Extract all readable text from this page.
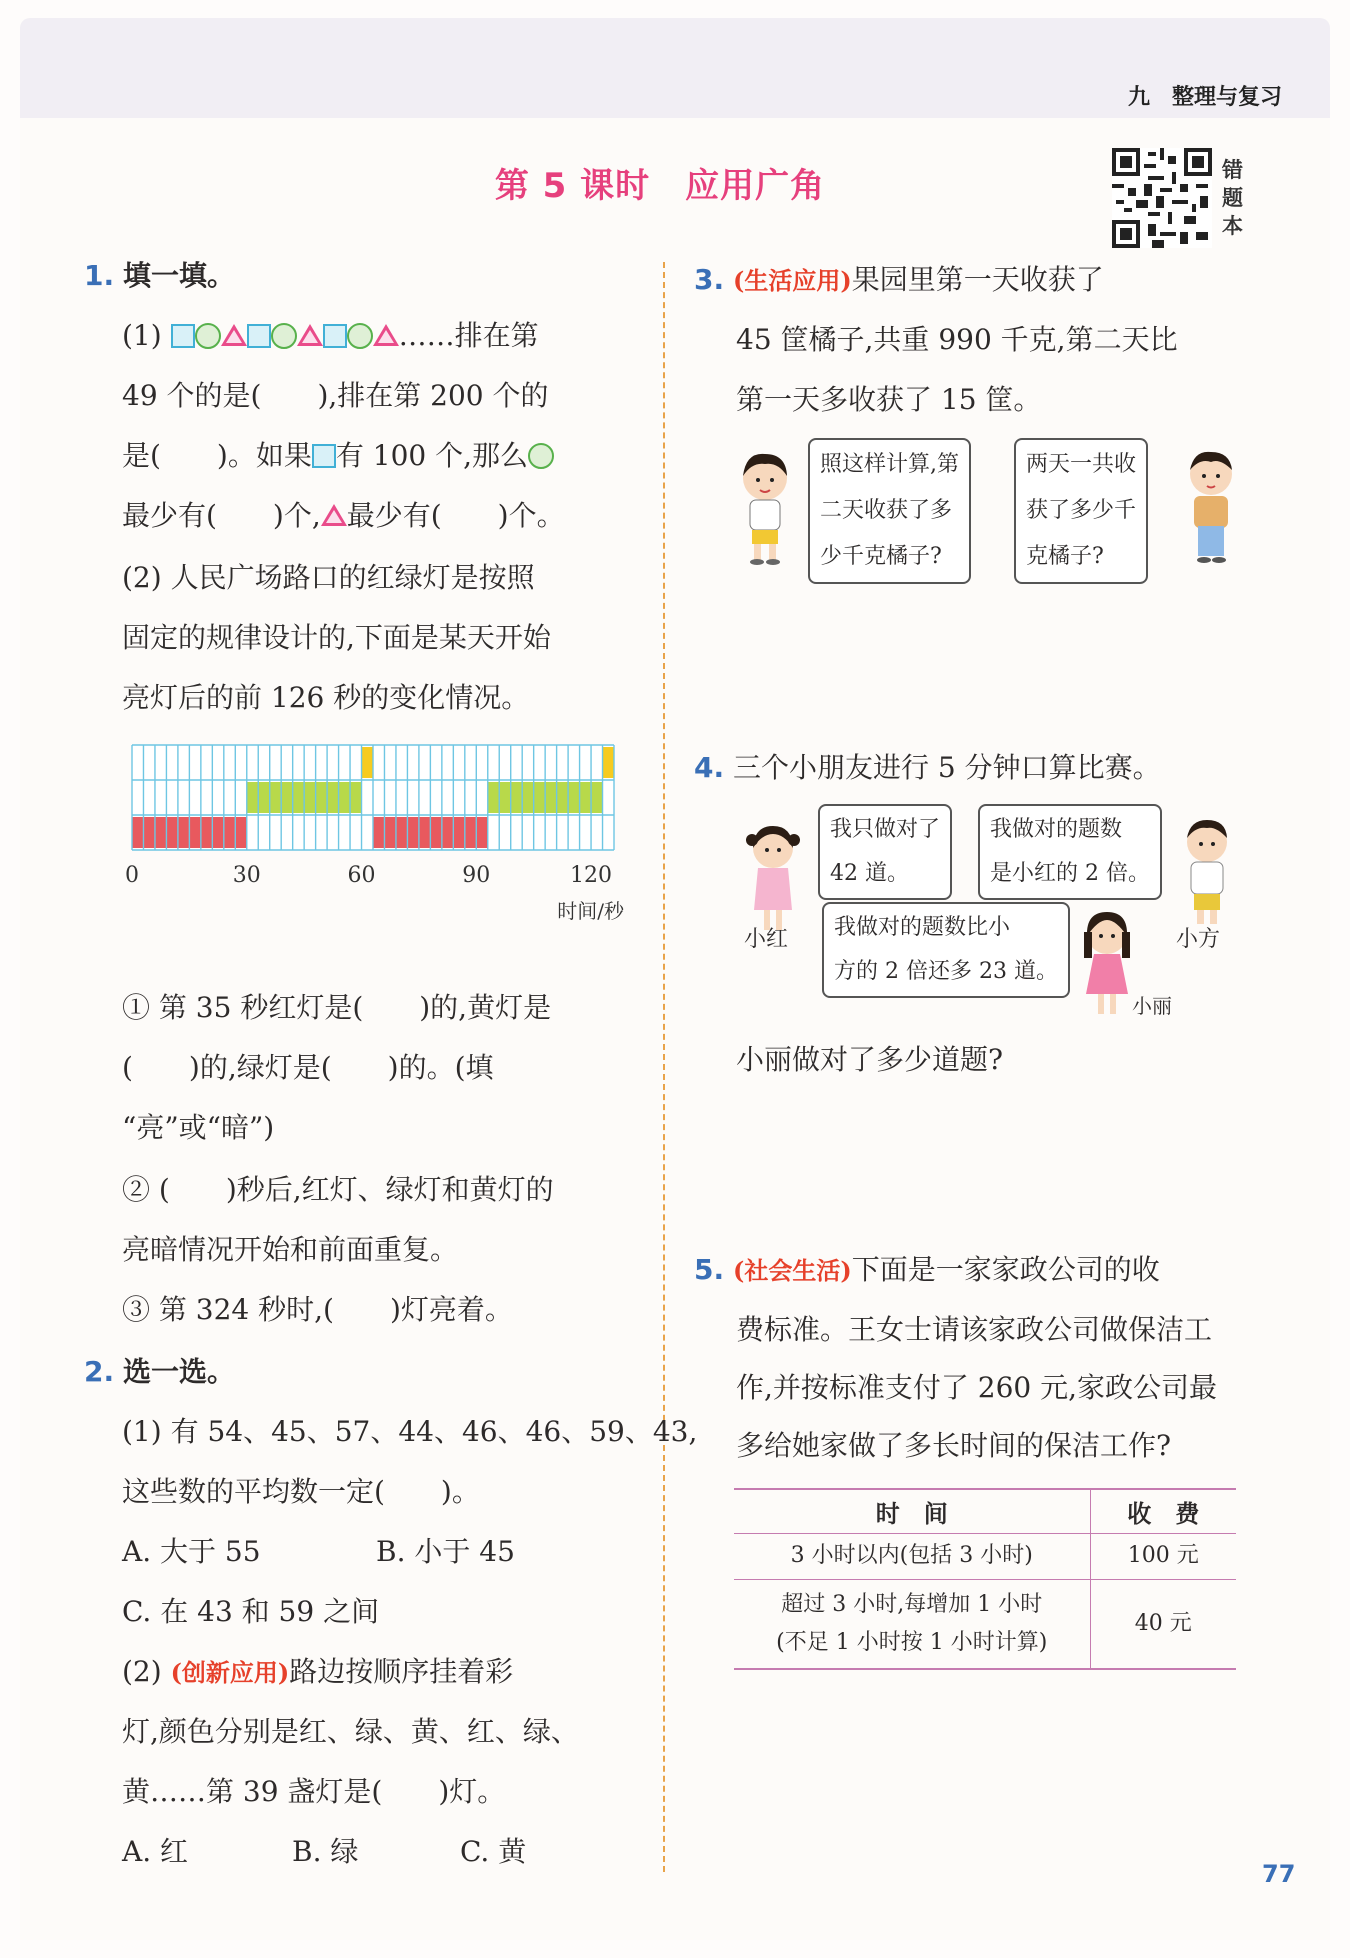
九　整理与复习
第 5 课时　应用广角	错
题
本
1. 填一填。
(1)	……排在第
49 个的是(　　),排在第 200 个的
是(　　)。如果 有 100 个,那么
最少有(　　)个, 最少有(　　)个。
(2) 人民广场路口的红绿灯是按照
固定的规律设计的,下面是某天开始
亮灯后的前 126 秒的变化情况。
0	30	60	90	120
时间/秒
① 第 35 秒红灯是(　　)的,黄灯是
(　　)的,绿灯是(　　)的。(填
“亮”或“暗”)
② (　　)秒后,红灯、绿灯和黄灯的
亮暗情况开始和前面重复。
③ 第 324 秒时,(　　)灯亮着。
2. 选一选。
(1) 有 54、45、57、44、46、46、59、43,
这些数的平均数一定(　　)。
A. 大于 55	B. 小于 45
C. 在 43 和 59 之间
(2) (创新应用)路边按顺序挂着彩
灯,颜色分别是红、绿、黄、红、绿、
黄……第 39 盏灯是(　　)灯。
A. 红	B. 绿	C. 黄
3. (生活应用)果园里第一天收获了
45 筐橘子,共重 990 千克,第二天比
第一天多收获了 15 筐。
照这样计算,第
二天收获了多
少千克橘子?
两天一共收
获了多少千
克橘子?
4. 三个小朋友进行 5 分钟口算比赛。
小红
我只做对了
42 道。
我做对的题数
是小红的 2 倍。
小方
我做对的题数比小
方的 2 倍还多 23 道。
小丽
小丽做对了多少道题?
5. (社会生活)下面是一家家政公司的收
费标准。王女士请该家政公司做保洁工
作,并按标准支付了 260 元,家政公司最
多给她家做了多长时间的保洁工作?
时　间	收　费
3 小时以内(包括 3 小时)	100 元

超过 3 小时,每增加 1 小时
(不足 1 小时按 1 小时计算)	40 元
77
